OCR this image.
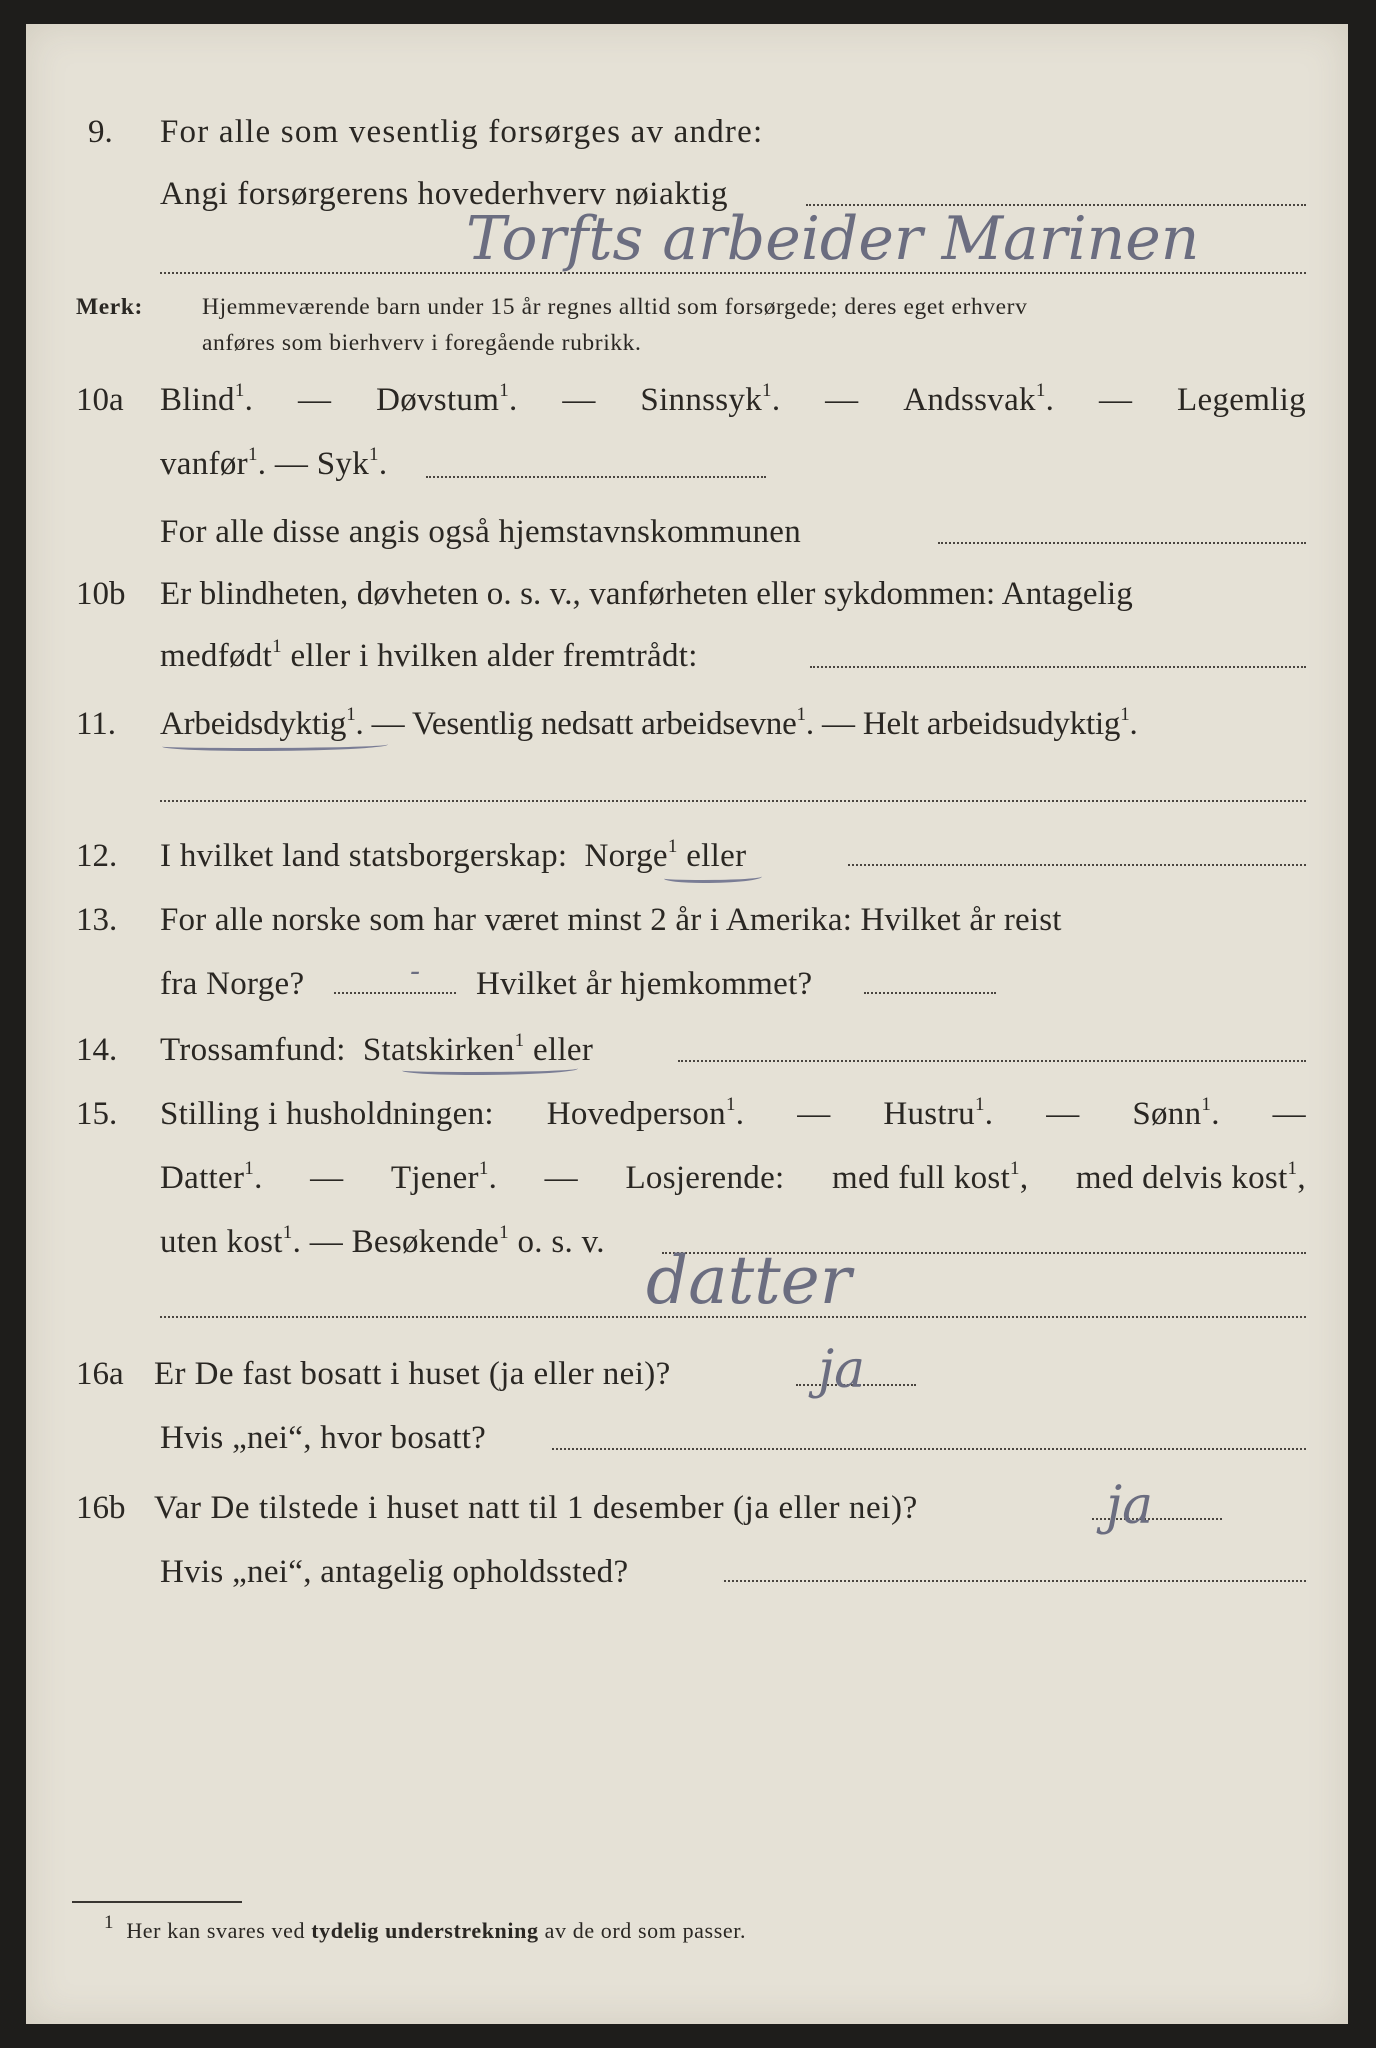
9. For alle som vesentlig forsørges av andre:
Angi forsørgerens hovederhverv nøiaktig
Torfts arbeider Marinen
Merk:	Hjemmeværende barn under 15 år regnes alltid som forsørgede; deres eget erhverv
anføres som bierhverv i foregående rubrikk.
10a Blind$^1$. — Døvstum$^1$. — Sinnssyk$^1$. — Andssvak$^1$. — Legemlig
vanfør$^1$. — Syk$^1$.
For alle disse angis også hjemstavnskommunen
10b Er blindheten, døvheten o. s. v., vanførheten eller sykdommen: Antagelig
medfødt$^1$ eller i hvilken alder fremtrådt:
11. Arbeidsdyktig$^1$. — Vesentlig nedsatt arbeidsevne$^1$. — Helt arbeidsudyktig$^1$.
12. I hvilket land statsborgerskap: Norge$^1$ eller
13. For alle norske som har været minst 2 år i Amerika: Hvilket år reist
fra Norge?	- Hvilket år hjemkommet?
14. Trossamfund: Statskirken$^1$ eller
15. Stilling i husholdningen: Hovedperson$^1$. — Hustru$^1$. — Sønn$^1$. —
Datter$^1$. — Tjener$^1$. — Losjerende: med full kost$^1$, med delvis kost$^1$,
uten kost$^1$. — Besøkende$^1$ o. s. v. datter
16a Er De fast bosatt i huset (ja eller nei)?	ja
Hvis „nei“, hvor bosatt?
16b Var De tilstede i huset natt til 1 desember (ja eller nei)?	ja
Hvis „nei“, antagelig opholdssted?
$^1$ Her kan svares ved tydelig understrekning av de ord som passer.
